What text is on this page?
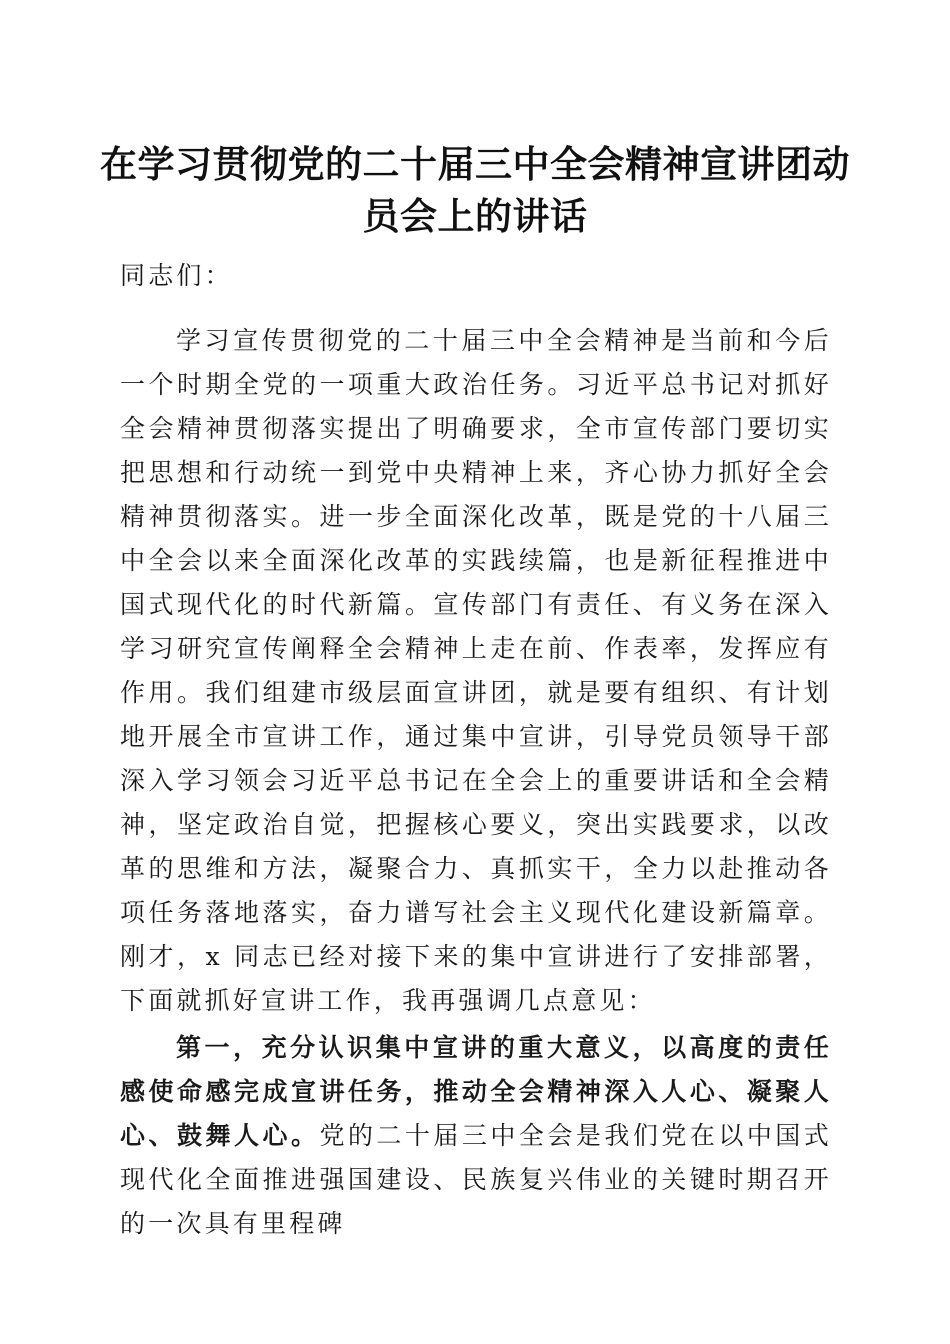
在学习贯彻党的二十届三中全会精神宣讲团动员会上的讲话

同志们：

学习宣传贯彻党的二十届三中全会精神是当前和今后一个时期全党的一项重大政治任务。习近平总书记对抓好全会精神贯彻落实提出了明确要求，全市宣传部门要切实把思想和行动统一到党中央精神上来，齐心协力抓好全会精神贯彻落实。进一步全面深化改革，既是党的十八届三中全会以来全面深化改革的实践续篇，也是新征程推进中国式现代化的时代新篇。宣传部门有责任、有义务在深入学习研究宣传阐释全会精神上走在前、作表率，发挥应有作用。我们组建市级层面宣讲团，就是要有组织、有计划地开展全市宣讲工作，通过集中宣讲，引导党员领导干部深入学习领会习近平总书记在全会上的重要讲话和全会精神，坚定政治自觉，把握核心要义，突出实践要求，以改革的思维和方法，凝聚合力、真抓实干，全力以赴推动各项任务落地落实，奋力谱写社会主义现代化建设新篇章。刚才，x 同志已经对接下来的集中宣讲进行了安排部署，下面就抓好宣讲工作，我再强调几点意见：

第一，充分认识集中宣讲的重大意义，以高度的责任感使命感完成宣讲任务，推动全会精神深入人心、凝聚人心、鼓舞人心。党的二十届三中全会是我们党在以中国式现代化全面推进强国建设、民族复兴伟业的关键时期召开的一次具有里程碑
